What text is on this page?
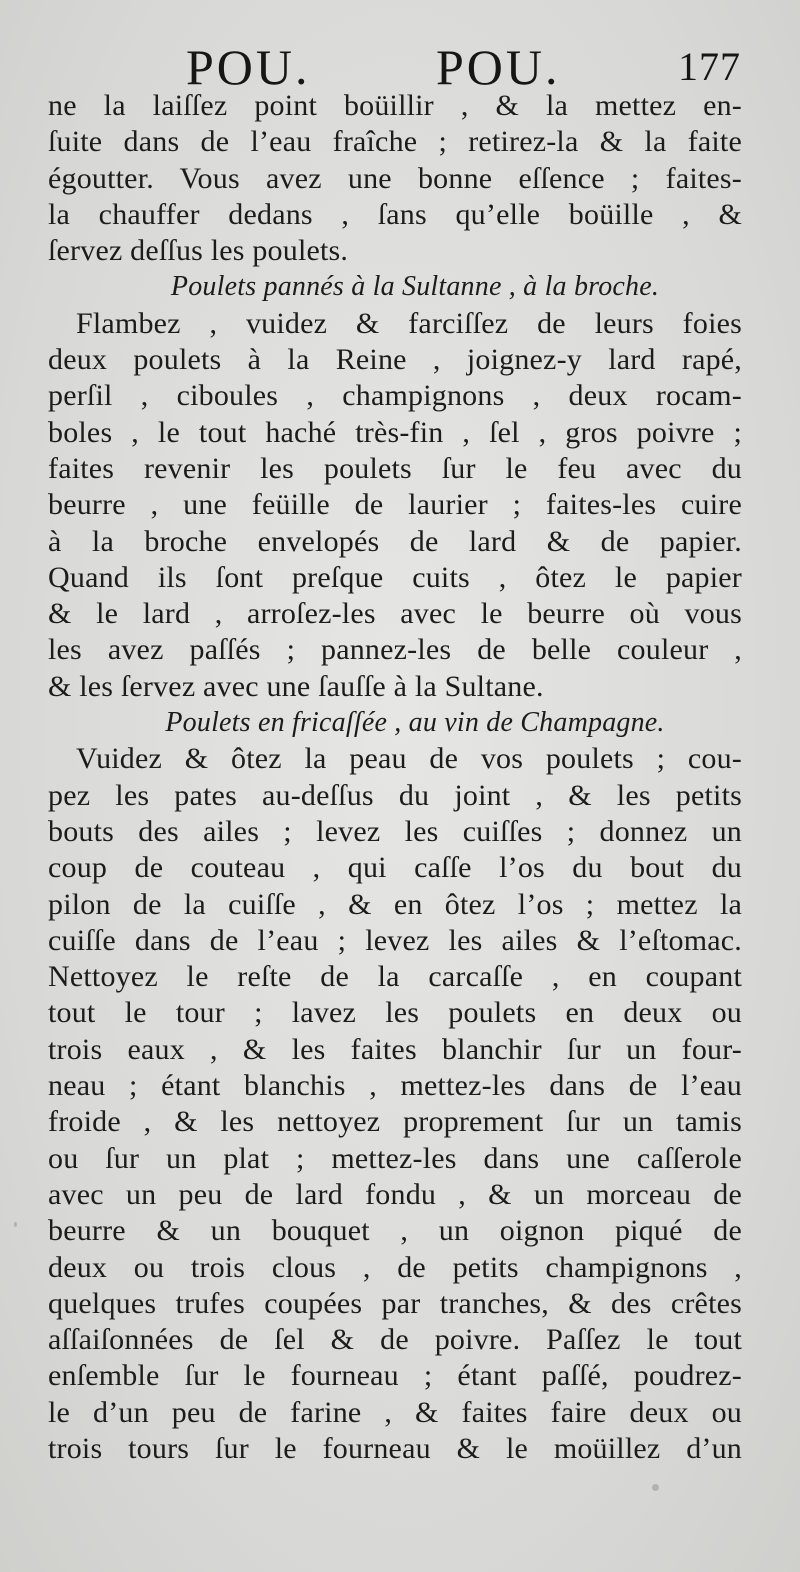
POU.	POU.	177
ne la laiſſez point boüillir , & la mettez en-
ſuite dans de l’eau fraîche ; retirez-la & la faite
égoutter. Vous avez une bonne eſſence ; faites-
la chauffer dedans , ſans qu’elle boüille , &
ſervez deſſus les poulets.
Poulets pannés à la Sultanne , à la broche.
Flambez , vuidez & farciſſez de leurs foies
deux poulets à la Reine , joignez-y lard rapé,
perſil , ciboules , champignons , deux rocam-
boles , le tout haché très-fin , ſel , gros poivre ;
faites revenir les poulets ſur le feu avec du
beurre , une feüille de laurier ; faites-les cuire
à la broche envelopés de lard & de papier.
Quand ils ſont preſque cuits , ôtez le papier
& le lard , arroſez-les avec le beurre où vous
les avez paſſés ; pannez-les de belle couleur ,
& les ſervez avec une ſauſſe à la Sultane.
Poulets en fricaſſée , au vin de Champagne.
Vuidez & ôtez la peau de vos poulets ; cou-
pez les pates au-deſſus du joint , & les petits
bouts des ailes ; levez les cuiſſes ; donnez un
coup de couteau , qui caſſe l’os du bout du
pilon de la cuiſſe , & en ôtez l’os ; mettez la
cuiſſe dans de l’eau ; levez les ailes & l’eſtomac.
Nettoyez le reſte de la carcaſſe , en coupant
tout le tour ; lavez les poulets en deux ou
trois eaux , & les faites blanchir ſur un four-
neau ; étant blanchis , mettez-les dans de l’eau
froide , & les nettoyez proprement ſur un tamis
ou ſur un plat ; mettez-les dans une caſſerole
avec un peu de lard fondu , & un morceau de
beurre & un bouquet , un oignon piqué de
deux ou trois clous , de petits champignons ,
quelques trufes coupées par tranches, & des crêtes
aſſaiſonnées de ſel & de poivre. Paſſez le tout
enſemble ſur le fourneau ; étant paſſé, poudrez-
le d’un peu de farine , & faites faire deux ou
trois tours ſur le fourneau & le moüillez d’un
